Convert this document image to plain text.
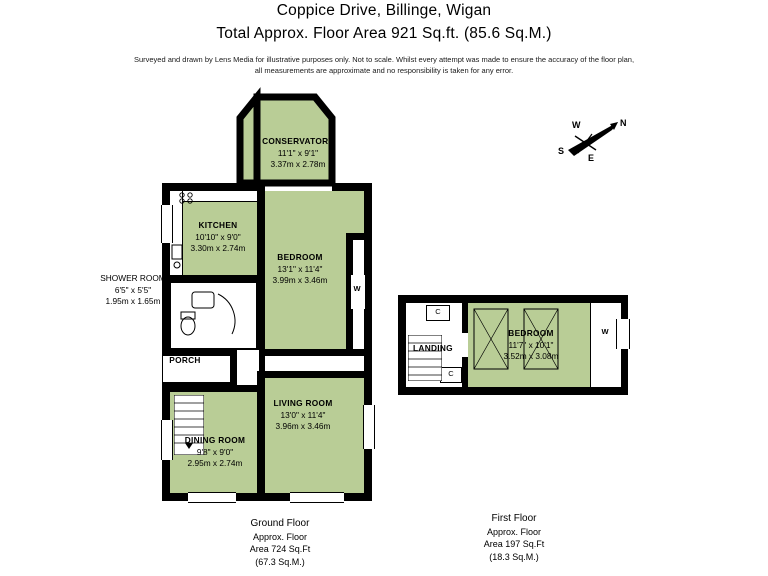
Coppice Drive, Billinge, Wigan
Total Approx. Floor Area 921 Sq.ft. (85.6 Sq.M.)
Surveyed and drawn by Lens Media for illustrative purposes only. Not to scale. Whilst every attempt was made to ensure the accuracy of the floor plan,
all measurements are approximate and no responsibility is taken for any error.
N
W
S
E
W
CONSERVATORY
11'1" x 9'1"
3.37m x 2.78m
KITCHEN
10'10" x 9'0"
3.30m x 2.74m
BEDROOM
13'1" x 11'4"
3.99m x 3.46m
SHOWER ROOM
6'5" x 5'5"
1.95m x 1.65m
PORCH
LIVING ROOM
13'0" x 11'4"
3.96m x 3.46m
DINING ROOM
9'8" x 9'0"
2.95m x 2.74m
W
C
C
LANDING
BEDROOM
11'7" x 10'1"
3.52m x 3.08m
Ground Floor
Approx. Floor
Area 724 Sq.Ft
(67.3 Sq.M.)
First Floor
Approx. Floor
Area 197 Sq.Ft
(18.3 Sq.M.)
